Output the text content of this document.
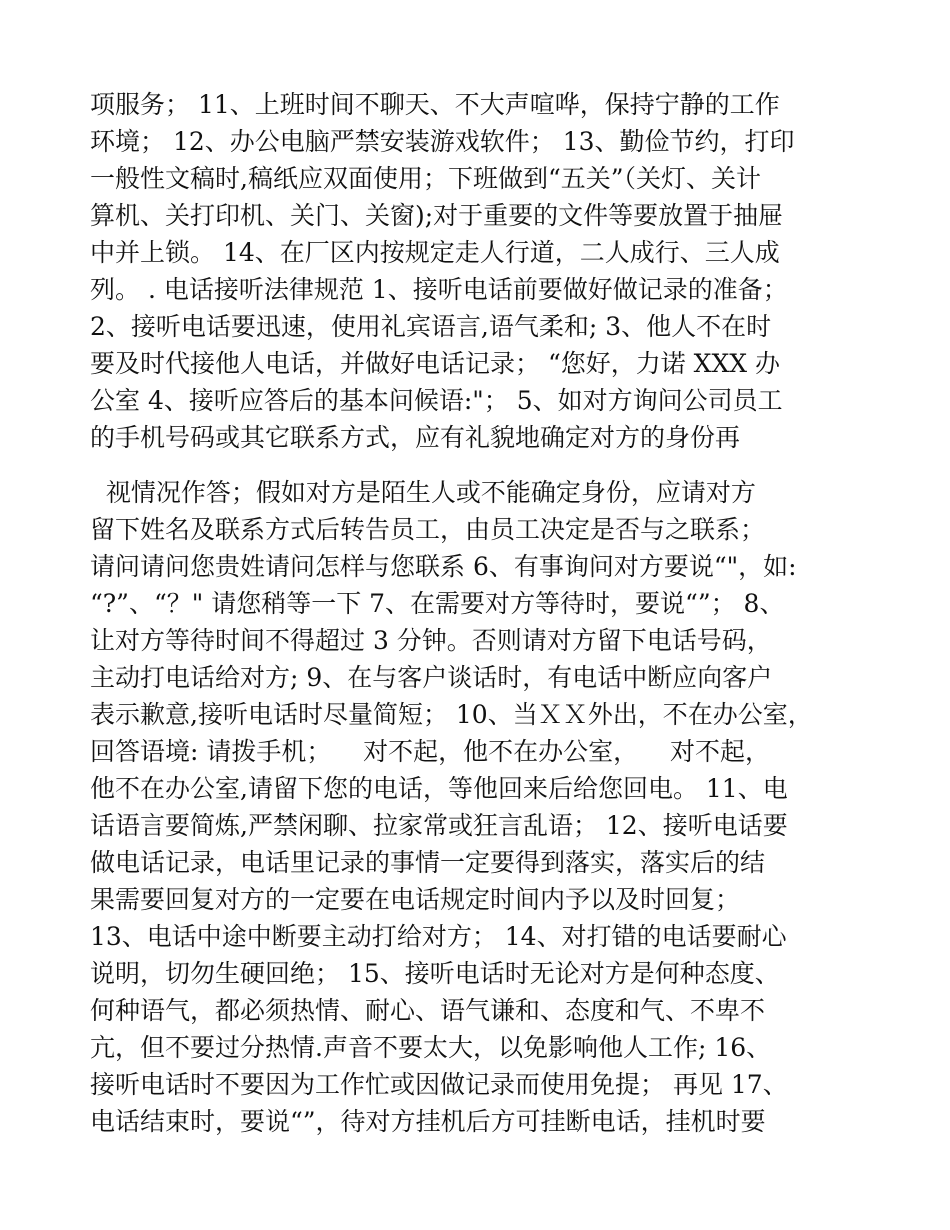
项服务； 11、上班时间不聊天、不大声喧哗，保持宁静的工作
环境； 12、办公电脑严禁安装游戏软件； 13、勤俭节约，打印
一般性文稿时,稿纸应双面使用；下班做到“五关”（关灯、关计
算机、关打印机、关门、关窗);对于重要的文件等要放置于抽屉
中并上锁。 14、在厂区内按规定走人行道，二人成行、三人成
列。 . 电话接听法律规范 1、接听电话前要做好做记录的准备；
2、接听电话要迅速，使用礼宾语言,语气柔和; 3、他人不在时
要及时代接他人电话，并做好电话记录； “您好，力诺 XXX 办
公室 4、接听应答后的基本问候语:"； 5、如对方询问公司员工
的手机号码或其它联系方式，应有礼貌地确定对方的身份再
视情况作答；假如对方是陌生人或不能确定身份，应请对方
留下姓名及联系方式后转告员工，由员工决定是否与之联系；
请问请问您贵姓请问怎样与您联系 6、有事询问对方要说“"，如:
“?”、“？" 请您稍等一下 7、在需要对方等待时，要说“”； 8、
让对方等待时间不得超过 3 分钟。否则请对方留下电话号码，
主动打电话给对方; 9、在与客户谈话时，有电话中断应向客户
表示歉意,接听电话时尽量简短； 10、当ＸＸ外出，不在办公室，
回答语境: 请拨手机；    对不起，他不在办公室，    对不起，
他不在办公室,请留下您的电话，等他回来后给您回电。 11、电
话语言要简炼,严禁闲聊、拉家常或狂言乱语； 12、接听电话要
做电话记录，电话里记录的事情一定要得到落实，落实后的结
果需要回复对方的一定要在电话规定时间内予以及时回复；
13、电话中途中断要主动打给对方； 14、对打错的电话要耐心
说明，切勿生硬回绝； 15、接听电话时无论对方是何种态度、
何种语气，都必须热情、耐心、语气谦和、态度和气、不卑不
亢，但不要过分热情.声音不要太大，以免影响他人工作; 16、
接听电话时不要因为工作忙或因做记录而使用免提； 再见 17、
电话结束时，要说“”，待对方挂机后方可挂断电话，挂机时要
